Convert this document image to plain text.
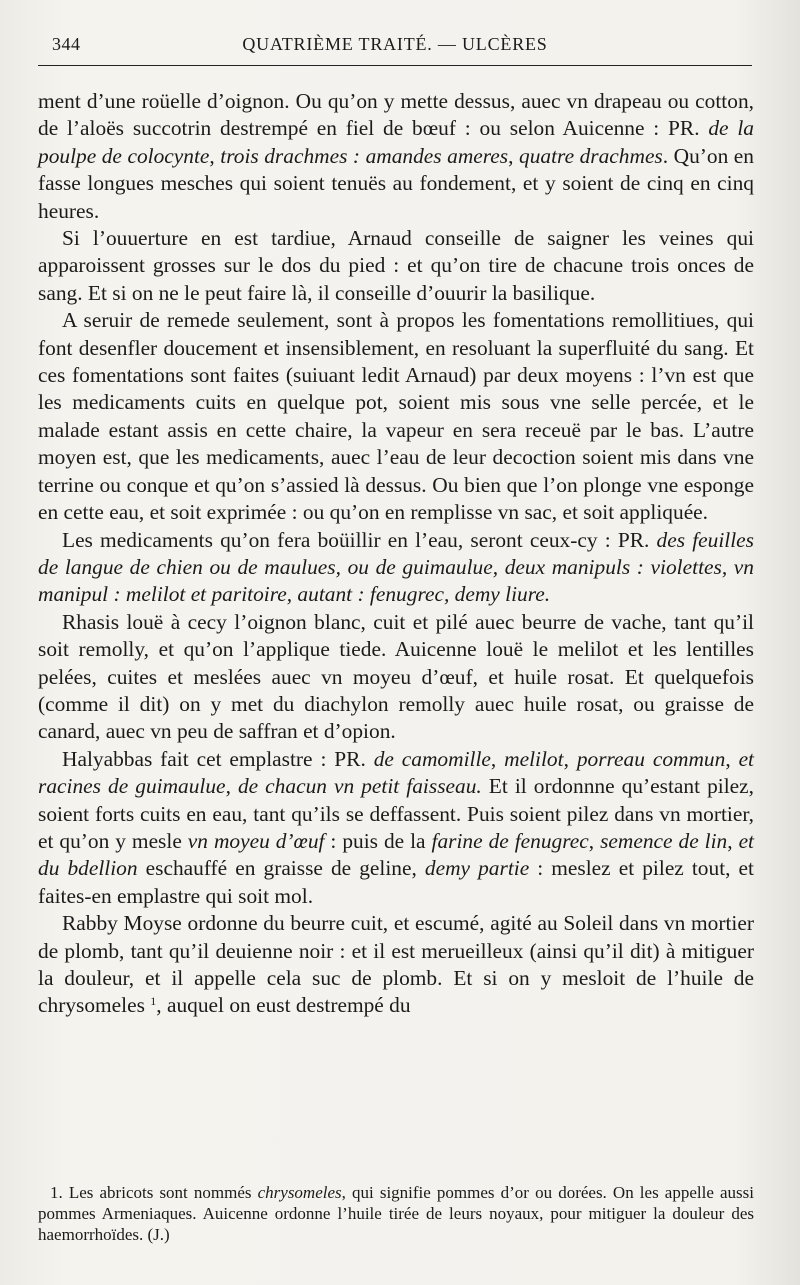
344	QUATRIÈME TRAITÉ. — ULCÈRES

ment d’une roüelle d’oignon. Ou qu’on y mette dessus, auec vn drapeau ou cotton, de l’aloës succotrin destrempé en fiel de bœuf : ou selon Auicenne : PR. de la poulpe de colocynte, trois drachmes : amandes ameres, quatre drachmes. Qu’on en fasse longues mesches qui soient tenuës au fondement, et y soient de cinq en cinq heures.

Si l’ouuerture en est tardiue, Arnaud conseille de saigner les veines qui apparoissent grosses sur le dos du pied : et qu’on tire de chacune trois onces de sang. Et si on ne le peut faire là, il conseille d’ouurir la basilique.

A seruir de remede seulement, sont à propos les fomentations remollitiues, qui font desenfler doucement et insensiblement, en resoluant la superfluité du sang. Et ces fomentations sont faites (suiuant ledit Arnaud) par deux moyens : l’vn est que les medicaments cuits en quelque pot, soient mis sous vne selle percée, et le malade estant assis en cette chaire, la vapeur en sera receuë par le bas. L’autre moyen est, que les medicaments, auec l’eau de leur decoction soient mis dans vne terrine ou conque et qu’on s’assied là dessus. Ou bien que l’on plonge vne esponge en cette eau, et soit exprimée : ou qu’on en remplisse vn sac, et soit appliquée.

Les medicaments qu’on fera boüillir en l’eau, seront ceux-cy : PR. des feuilles de langue de chien ou de maulues, ou de guimaulue, deux manipuls : violettes, vn manipul : melilot et paritoire, autant : fenugrec, demy liure.

Rhasis louë à cecy l’oignon blanc, cuit et pilé auec beurre de vache, tant qu’il soit remolly, et qu’on l’applique tiede. Auicenne louë le melilot et les lentilles pelées, cuites et meslées auec vn moyeu d’œuf, et huile rosat. Et quelquefois (comme il dit) on y met du diachylon remolly auec huile rosat, ou graisse de canard, auec vn peu de saffran et d’opion.

Halyabbas fait cet emplastre : PR. de camomille, melilot, porreau commun, et racines de guimaulue, de chacun vn petit faisseau. Et il ordonnne qu’estant pilez, soient forts cuits en eau, tant qu’ils se deffassent. Puis soient pilez dans vn mortier, et qu’on y mesle vn moyeu d’œuf : puis de la farine de fenugrec, semence de lin, et du bdellion eschauffé en graisse de geline, demy partie : meslez et pilez tout, et faites-en emplastre qui soit mol.

Rabby Moyse ordonne du beurre cuit, et escumé, agité au Soleil dans vn mortier de plomb, tant qu’il deuienne noir : et il est merueilleux (ainsi qu’il dit) à mitiguer la douleur, et il appelle cela suc de plomb. Et si on y mesloit de l’huile de chrysomeles $^1$, auquel on eust destrempé du

1. Les abricots sont nommés chrysomeles, qui signifie pommes d’or ou dorées. On les appelle aussi pommes Armeniaques. Auicenne ordonne l’huile tirée de leurs noyaux, pour mitiguer la douleur des haemorrhoïdes. (J.)
